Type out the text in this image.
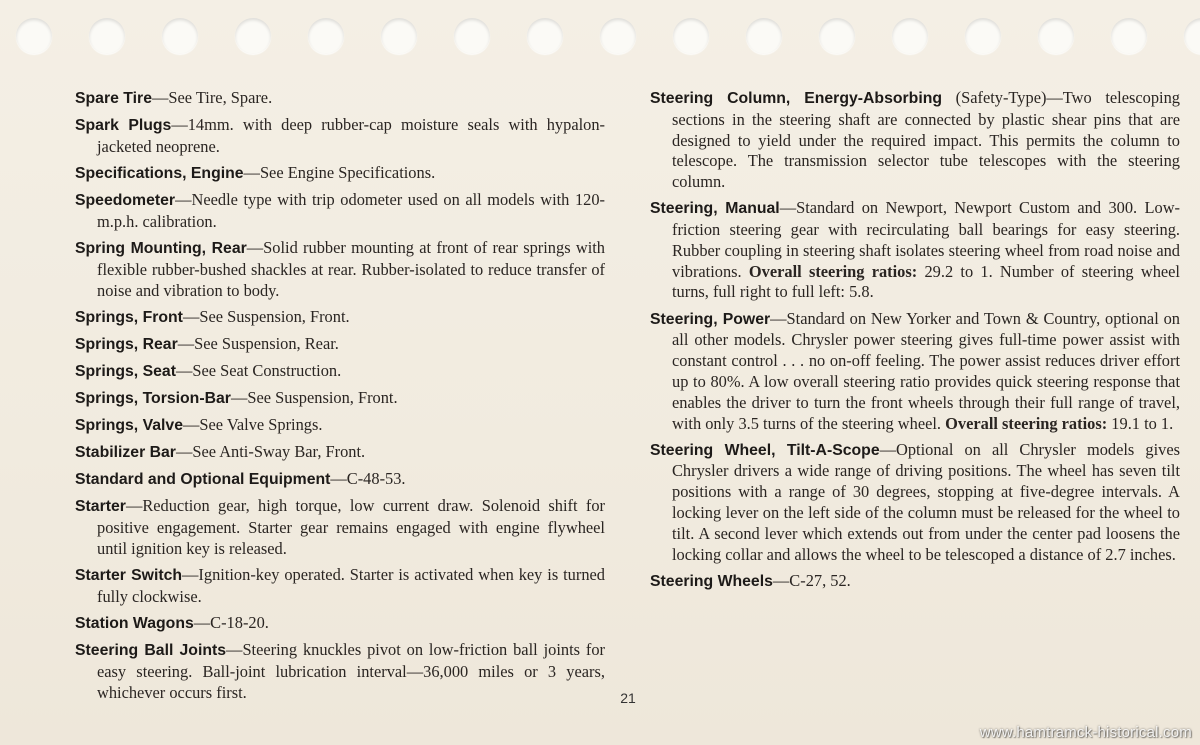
Spare Tire—See Tire, Spare.

Spark Plugs—14mm. with deep rubber-cap moisture seals with hypalon-jacketed neoprene.

Specifications, Engine—See Engine Specifications.

Speedometer—Needle type with trip odometer used on all models with 120-m.p.h. calibration.

Spring Mounting, Rear—Solid rubber mounting at front of rear springs with flexible rubber-bushed shackles at rear. Rubber-isolated to reduce transfer of noise and vibration to body.

Springs, Front—See Suspension, Front.

Springs, Rear—See Suspension, Rear.

Springs, Seat—See Seat Construction.

Springs, Torsion-Bar—See Suspension, Front.

Springs, Valve—See Valve Springs.

Stabilizer Bar—See Anti-Sway Bar, Front.

Standard and Optional Equipment—C-48-53.

Starter—Reduction gear, high torque, low current draw. Solenoid shift for positive engagement. Starter gear remains engaged with engine flywheel until ignition key is released.

Starter Switch—Ignition-key operated. Starter is activated when key is turned fully clockwise.

Station Wagons—C-18-20.

Steering Ball Joints—Steering knuckles pivot on low-friction ball joints for easy steering. Ball-joint lubrication interval—36,000 miles or 3 years, whichever occurs first.

Steering Column, Energy-Absorbing (Safety-Type)—Two telescoping sections in the steering shaft are connected by plastic shear pins that are designed to yield under the required impact. This permits the column to telescope. The transmission selector tube telescopes with the steering column.

Steering, Manual—Standard on Newport, Newport Custom and 300. Low-friction steering gear with recirculating ball bearings for easy steering. Rubber coupling in steering shaft isolates steering wheel from road noise and vibrations. Overall steering ratios: 29.2 to 1. Number of steering wheel turns, full right to full left: 5.8.

Steering, Power—Standard on New Yorker and Town & Country, optional on all other models. Chrysler power steering gives full-time power assist with constant control . . . no on-off feeling. The power assist reduces driver effort up to 80%. A low overall steering ratio provides quick steering response that enables the driver to turn the front wheels through their full range of travel, with only 3.5 turns of the steering wheel. Overall steering ratios: 19.1 to 1.

Steering Wheel, Tilt-A-Scope—Optional on all Chrysler models gives Chrysler drivers a wide range of driving positions. The wheel has seven tilt positions with a range of 30 degrees, stopping at five-degree intervals. A locking lever on the left side of the column must be released for the wheel to tilt. A second lever which extends out from under the center pad loosens the locking collar and allows the wheel to be telescoped a distance of 2.7 inches.

Steering Wheels—C-27, 52.

21
www.hamtramck-historical.com
